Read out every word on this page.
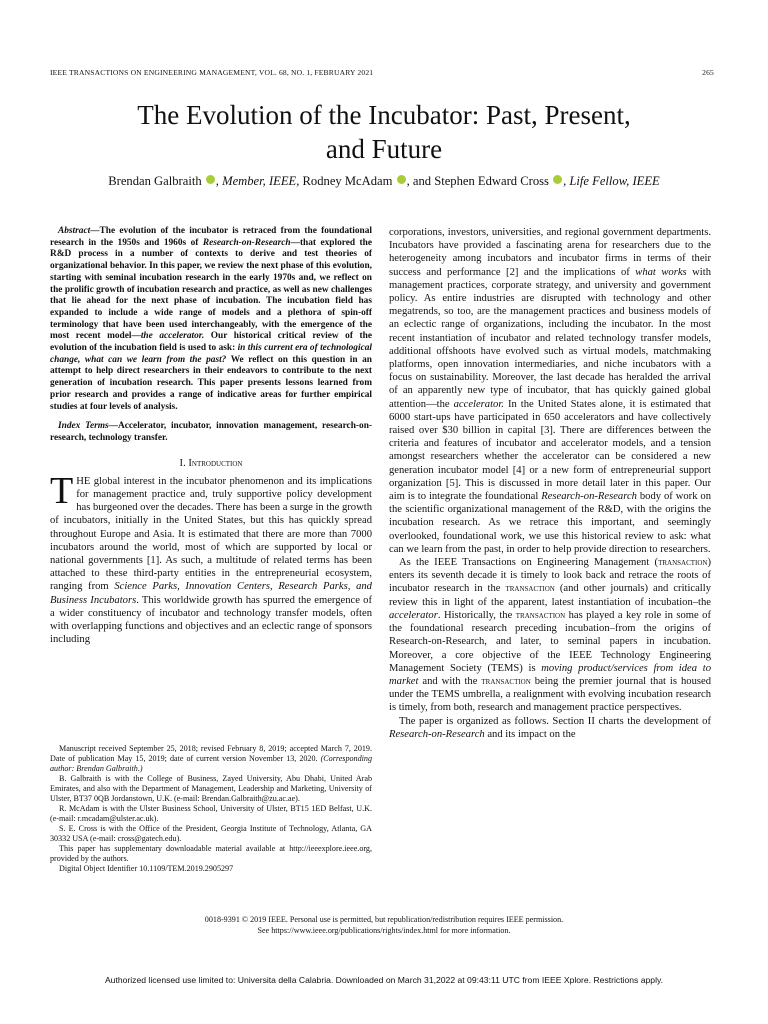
IEEE TRANSACTIONS ON ENGINEERING MANAGEMENT, VOL. 68, NO. 1, FEBRUARY 2021	265
The Evolution of the Incubator: Past, Present,
and Future
Brendan Galbraith , Member, IEEE, Rodney McAdam , and Stephen Edward Cross , Life Fellow, IEEE

Abstract—The evolution of the incubator is retraced from the foundational research in the 1950s and 1960s of Research-on-Research—that explored the R&D process in a number of contexts to derive and test theories of organizational behavior. In this paper, we review the next phase of this evolution, starting with seminal incubation research in the early 1970s and, we reflect on the prolific growth of incubation research and practice, as well as new challenges that lie ahead for the next phase of incubation. The incubation field has expanded to include a wide range of models and a plethora of spin-off terminology that have been used interchangeably, with the emergence of the most recent model—the accelerator. Our historical critical review of the evolution of the incubation field is used to ask: in this current era of technological change, what can we learn from the past? We reflect on this question in an attempt to help direct researchers in their endeavors to contribute to the next generation of incubation research. This paper presents lessons learned from prior research and provides a range of indicative areas for further empirical studies at four levels of analysis.

Index Terms—Accelerator, incubator, innovation management, research-on-research, technology transfer.

I. Introduction

THE global interest in the incubator phenomenon and its implications for management practice and, truly supportive policy development has burgeoned over the decades. There has been a surge in the growth of incubators, initially in the United States, but this has quickly spread throughout Europe and Asia. It is estimated that there are more than 7000 incubators around the world, most of which are supported by local or national governments [1]. As such, a multitude of related terms has been attached to these third-party entities in the entrepreneurial ecosystem, ranging from Science Parks, Innovation Centers, Research Parks, and Business Incubators. This worldwide growth has spurred the emergence of a wider constituency of incubator and technology transfer models, often with overlapping functions and objectives and an eclectic range of sponsors including

Manuscript received September 25, 2018; revised February 8, 2019; accepted March 7, 2019. Date of publication May 15, 2019; date of current version November 13, 2020. (Corresponding author: Brendan Galbraith.)

B. Galbraith is with the College of Business, Zayed University, Abu Dhabi, United Arab Emirates, and also with the Department of Management, Leadership and Marketing, University of Ulster, BT37 0QB Jordanstown, U.K. (e-mail: Brendan.Galbraith@zu.ac.ae).

R. McAdam is with the Ulster Business School, University of Ulster, BT15 1ED Belfast, U.K. (e-mail: r.mcadam@ulster.ac.uk).

S. E. Cross is with the Office of the President, Georgia Institute of Technology, Atlanta, GA 30332 USA (e-mail: cross@gatech.edu).

This paper has supplementary downloadable material available at http://ieeexplore.ieee.org, provided by the authors.

Digital Object Identifier 10.1109/TEM.2019.2905297

corporations, investors, universities, and regional government departments. Incubators have provided a fascinating arena for researchers due to the heterogeneity among incubators and incubator firms in terms of their success and performance [2] and the implications of what works with management practices, corporate strategy, and university and government policy. As entire industries are disrupted with technology and other megatrends, so too, are the management practices and business models of an eclectic range of organizations, including the incubator. In the most recent instantiation of incubator and related technology transfer models, additional offshoots have evolved such as virtual models, matchmaking platforms, open innovation intermediaries, and niche incubators with a focus on sustainability. Moreover, the last decade has heralded the arrival of an apparently new type of incubator, that has quickly gained global attention—the accelerator. In the United States alone, it is estimated that 6000 start-ups have participated in 650 accelerators and have collectively raised over $30 billion in capital [3]. There are differences between the criteria and features of incubator and accelerator models, and a tension amongst researchers whether the accelerator can be considered a new generation incubator model [4] or a new form of entrepreneurial support organization [5]. This is discussed in more detail later in this paper. Our aim is to integrate the foundational Research-on-Research body of work on the scientific organizational management of the R&D, with the origins the incubation research. As we retrace this important, and seemingly overlooked, foundational work, we use this historical review to ask: what can we learn from the past, in order to help provide direction to researchers.

As the IEEE Transactions on Engineering Management (transaction) enters its seventh decade it is timely to look back and retrace the roots of incubator research in the transaction (and other journals) and critically review this in light of the apparent, latest instantiation of incubation–the accelerator. Historically, the transaction has played a key role in some of the foundational research preceding incubation–from the origins of Research-on-Research, and later, to seminal papers in incubation. Moreover, a core objective of the IEEE Technology Engineering Management Society (TEMS) is moving product/services from idea to market and with the transaction being the premier journal that is housed under the TEMS umbrella, a realignment with evolving incubation research is timely, from both, research and management practice perspectives.

The paper is organized as follows. Section II charts the development of Research-on-Research and its impact on the

0018-9391 © 2019 IEEE. Personal use is permitted, but republication/redistribution requires IEEE permission.
See https://www.ieee.org/publications/rights/index.html for more information.
Authorized licensed use limited to: Universita della Calabria. Downloaded on March 31,2022 at 09:43:11 UTC from IEEE Xplore. Restrictions apply.
